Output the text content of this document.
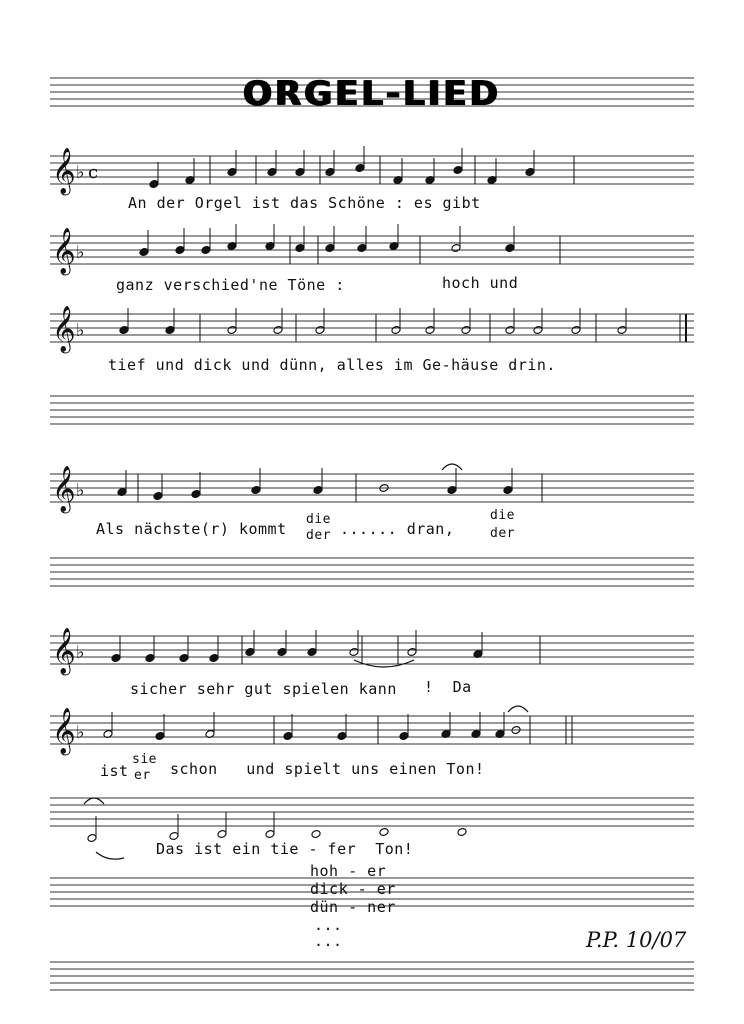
𝄞 ♭
𝄞 ♭
𝄞 ♭
𝄞 ♭
𝄞 ♭
𝄞 ♭
c
ORGEL-LIED
An der Orgel ist das Schöne : es gibt
ganz verschied'ne Töne :	hoch und
tief und dick und dünn, alles im Ge-häuse drin.
Als nächste(r) kommt
die
der ...... dran,
die
der
sicher sehr gut spielen kann !  Da
ist
sie
er schon   und spielt uns einen Ton!
Das ist ein tie - fer  Ton!
hoh - er
dick - er
dün - ner
...
...	P.P. 10/07
